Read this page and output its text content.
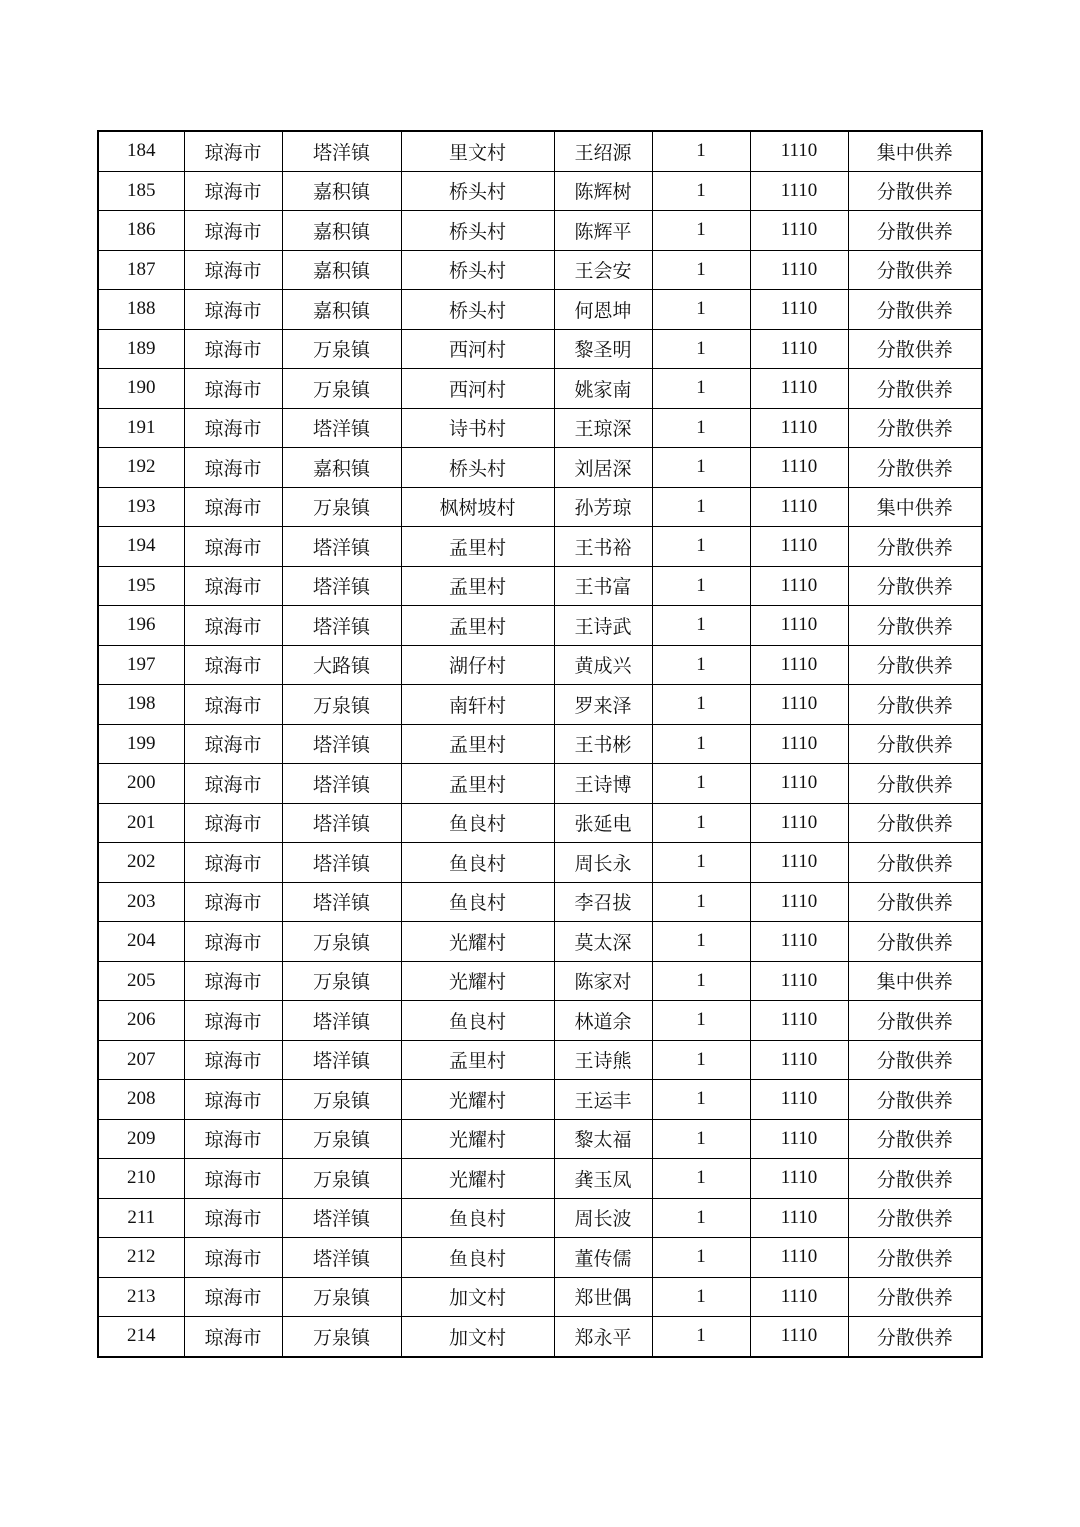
184	琼海市	塔洋镇	里文村	王绍源	1	1110	集中供养
185	琼海市	嘉积镇	桥头村	陈辉树	1	1110	分散供养
186	琼海市	嘉积镇	桥头村	陈辉平	1	1110	分散供养
187	琼海市	嘉积镇	桥头村	王会安	1	1110	分散供养
188	琼海市	嘉积镇	桥头村	何恩坤	1	1110	分散供养
189	琼海市	万泉镇	西河村	黎圣明	1	1110	分散供养
190	琼海市	万泉镇	西河村	姚家南	1	1110	分散供养
191	琼海市	塔洋镇	诗书村	王琼深	1	1110	分散供养
192	琼海市	嘉积镇	桥头村	刘居深	1	1110	分散供养
193	琼海市	万泉镇	枫树坡村	孙芳琼	1	1110	集中供养
194	琼海市	塔洋镇	孟里村	王书裕	1	1110	分散供养
195	琼海市	塔洋镇	孟里村	王书富	1	1110	分散供养
196	琼海市	塔洋镇	孟里村	王诗武	1	1110	分散供养
197	琼海市	大路镇	湖仔村	黄成兴	1	1110	分散供养
198	琼海市	万泉镇	南轩村	罗来泽	1	1110	分散供养
199	琼海市	塔洋镇	孟里村	王书彬	1	1110	分散供养
200	琼海市	塔洋镇	孟里村	王诗博	1	1110	分散供养
201	琼海市	塔洋镇	鱼良村	张延电	1	1110	分散供养
202	琼海市	塔洋镇	鱼良村	周长永	1	1110	分散供养
203	琼海市	塔洋镇	鱼良村	李召拔	1	1110	分散供养
204	琼海市	万泉镇	光耀村	莫太深	1	1110	分散供养
205	琼海市	万泉镇	光耀村	陈家对	1	1110	集中供养
206	琼海市	塔洋镇	鱼良村	林道余	1	1110	分散供养
207	琼海市	塔洋镇	孟里村	王诗熊	1	1110	分散供养
208	琼海市	万泉镇	光耀村	王运丰	1	1110	分散供养
209	琼海市	万泉镇	光耀村	黎太福	1	1110	分散供养
210	琼海市	万泉镇	光耀村	龚玉凤	1	1110	分散供养
211	琼海市	塔洋镇	鱼良村	周长波	1	1110	分散供养
212	琼海市	塔洋镇	鱼良村	董传儒	1	1110	分散供养
213	琼海市	万泉镇	加文村	郑世偶	1	1110	分散供养
214	琼海市	万泉镇	加文村	郑永平	1	1110	分散供养
